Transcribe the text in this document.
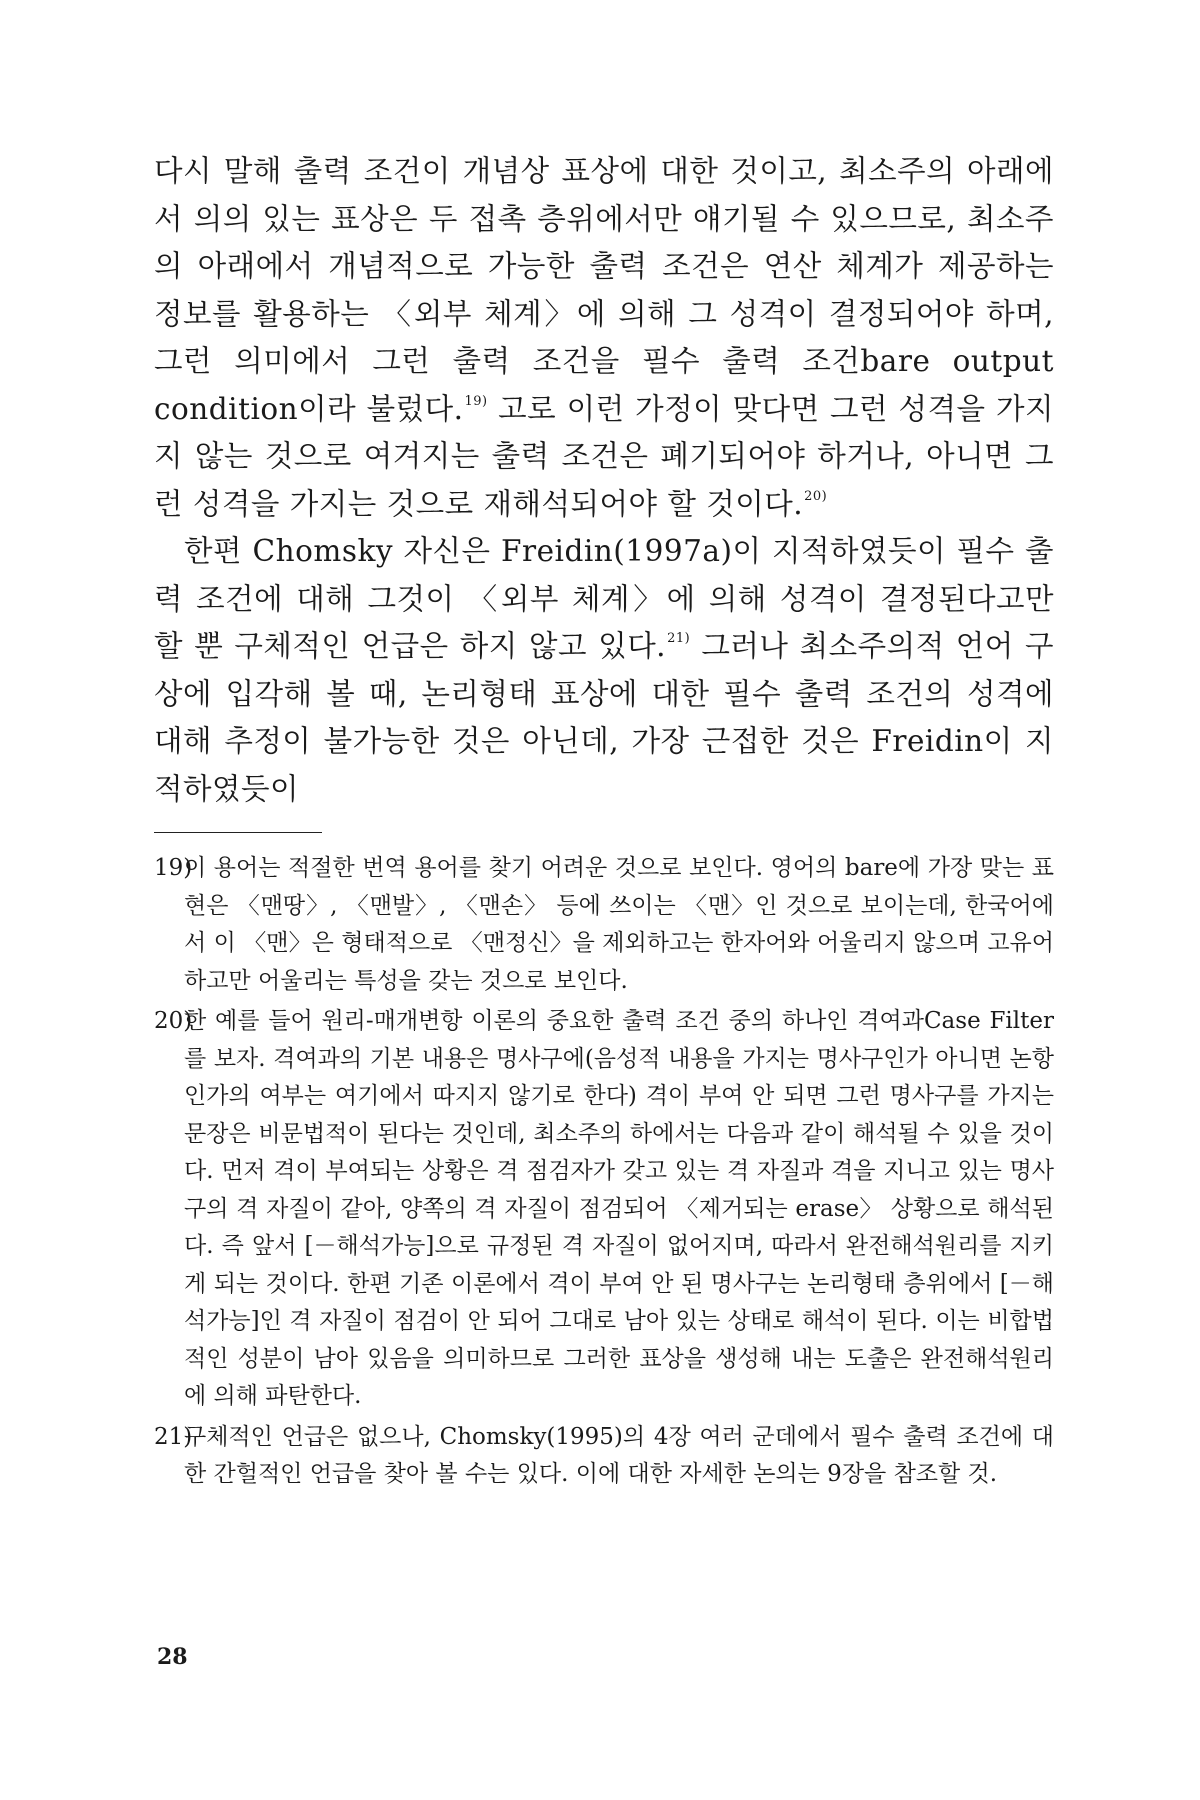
다시 말해 출력 조건이 개념상 표상에 대한 것이고, 최소주의 아래에서 의의 있는 표상은 두 접촉 층위에서만 얘기될 수 있으므로, 최소주의 아래에서 개념적으로 가능한 출력 조건은 연산 체계가 제공하는 정보를 활용하는 〈외부 체계〉에 의해 그 성격이 결정되어야 하며, 그런 의미에서 그런 출력 조건을 필수 출력 조건bare output condition이라 불렀다.$^{19)}$ 고로 이런 가정이 맞다면 그런 성격을 가지지 않는 것으로 여겨지는 출력 조건은 폐기되어야 하거나, 아니면 그런 성격을 가지는 것으로 재해석되어야 할 것이다.$^{20)}$

한편 Chomsky 자신은 Freidin(1997a)이 지적하였듯이 필수 출력 조건에 대해 그것이 〈외부 체계〉에 의해 성격이 결정된다고만 할 뿐 구체적인 언급은 하지 않고 있다.$^{21)}$ 그러나 최소주의적 언어 구상에 입각해 볼 때, 논리형태 표상에 대한 필수 출력 조건의 성격에 대해 추정이 불가능한 것은 아닌데, 가장 근접한 것은 Freidin이 지적하였듯이

19)
이 용어는 적절한 번역 용어를 찾기 어려운 것으로 보인다. 영어의 bare에 가장 맞는 표현은 〈맨땅〉, 〈맨발〉, 〈맨손〉 등에 쓰이는 〈맨〉인 것으로 보이는데, 한국어에서 이 〈맨〉은 형태적으로 〈맨정신〉을 제외하고는 한자어와 어울리지 않으며 고유어하고만 어울리는 특성을 갖는 것으로 보인다.

20)
한 예를 들어 원리-매개변항 이론의 중요한 출력 조건 중의 하나인 격여과Case Filter를 보자. 격여과의 기본 내용은 명사구에(음성적 내용을 가지는 명사구인가 아니면 논항인가의 여부는 여기에서 따지지 않기로 한다) 격이 부여 안 되면 그런 명사구를 가지는 문장은 비문법적이 된다는 것인데, 최소주의 하에서는 다음과 같이 해석될 수 있을 것이다. 먼저 격이 부여되는 상황은 격 점검자가 갖고 있는 격 자질과 격을 지니고 있는 명사구의 격 자질이 같아, 양쪽의 격 자질이 점검되어 〈제거되는 erase〉 상황으로 해석된다. 즉 앞서 [－해석가능]으로 규정된 격 자질이 없어지며, 따라서 완전해석원리를 지키게 되는 것이다. 한편 기존 이론에서 격이 부여 안 된 명사구는 논리형태 층위에서 [－해석가능]인 격 자질이 점검이 안 되어 그대로 남아 있는 상태로 해석이 된다. 이는 비합법적인 성분이 남아 있음을 의미하므로 그러한 표상을 생성해 내는 도출은 완전해석원리에 의해 파탄한다.

21)
구체적인 언급은 없으나, Chomsky(1995)의 4장 여러 군데에서 필수 출력 조건에 대한 간헐적인 언급을 찾아 볼 수는 있다. 이에 대한 자세한 논의는 9장을 참조할 것.

28
